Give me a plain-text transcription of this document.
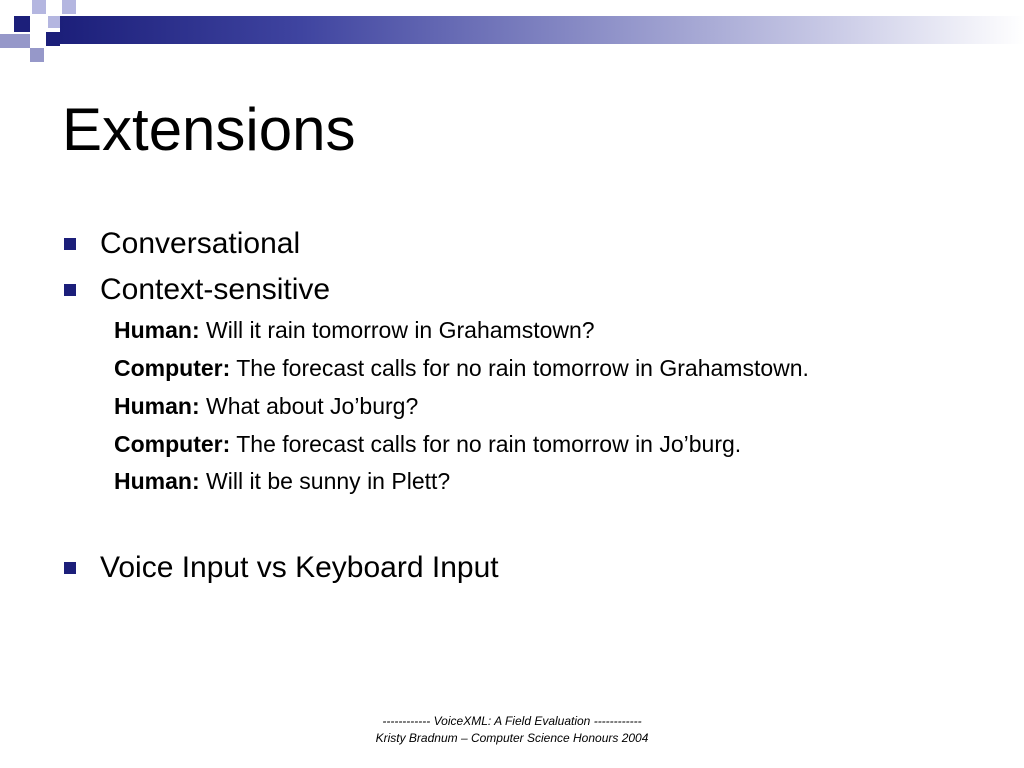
Extensions
Conversational
Context-sensitive
Human: Will it rain tomorrow in Grahamstown?
Computer: The forecast calls for no rain tomorrow in Grahamstown.
Human: What about Jo’burg?
Computer: The forecast calls for no rain tomorrow in Jo’burg.
Human: Will it be sunny in Plett?
Voice Input vs Keyboard Input
------------ VoiceXML: A Field Evaluation ------------
Kristy Bradnum – Computer Science Honours 2004
